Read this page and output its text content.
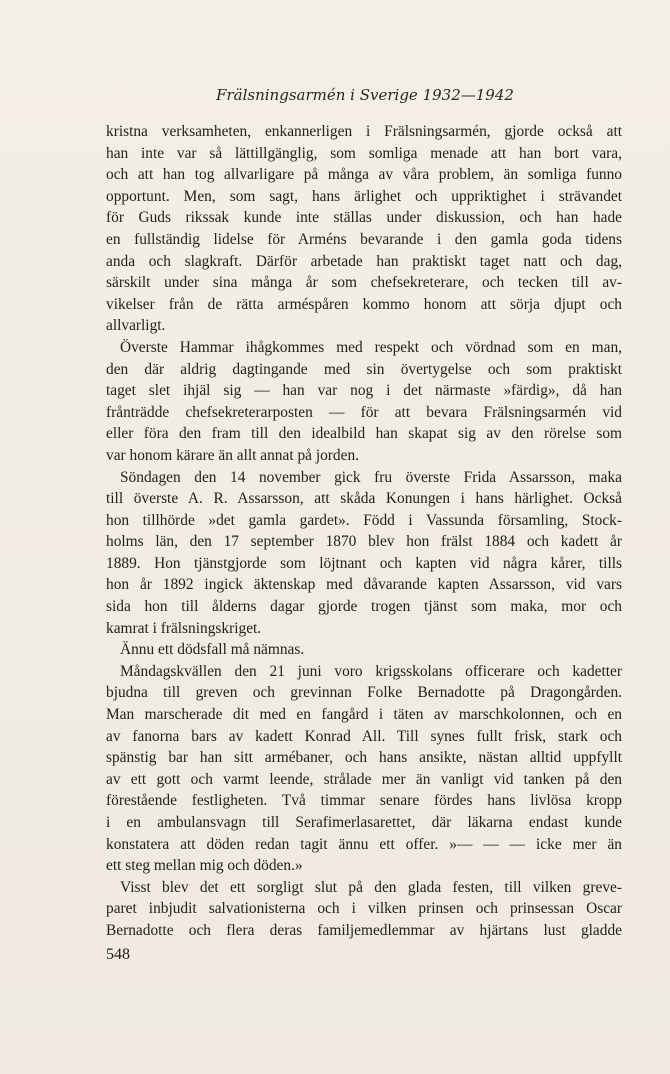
Frälsningsarmén i Sverige 1932—1942
kristna verksamheten, enkannerligen i Frälsningsarmén, gjorde också att
han inte var så lättillgänglig, som somliga menade att han bort vara,
och att han tog allvarligare på många av våra problem, än somliga funno
opportunt. Men, som sagt, hans ärlighet och uppriktighet i strävandet
för Guds rikssak kunde inte ställas under diskussion, och han hade
en fullständig lidelse för Arméns bevarande i den gamla goda tidens
anda och slagkraft. Därför arbetade han praktiskt taget natt och dag,
särskilt under sina många år som chefsekreterare, och tecken till av-
vikelser från de rätta arméspåren kommo honom att sörja djupt och
allvarligt.
Överste Hammar ihågkommes med respekt och vördnad som en man,
den där aldrig dagtingande med sin övertygelse och som praktiskt
taget slet ihjäl sig — han var nog i det närmaste »färdig», då han
frånträdde chefsekreterarposten — för att bevara Frälsningsarmén vid
eller föra den fram till den idealbild han skapat sig av den rörelse som
var honom kärare än allt annat på jorden.
Söndagen den 14 november gick fru överste Frida Assarsson, maka
till överste A. R. Assarsson, att skåda Konungen i hans härlighet. Också
hon tillhörde »det gamla gardet». Född i Vassunda församling, Stock-
holms län, den 17 september 1870 blev hon frälst 1884 och kadett år
1889. Hon tjänstgjorde som löjtnant och kapten vid några kårer, tills
hon år 1892 ingick äktenskap med dåvarande kapten Assarsson, vid vars
sida hon till ålderns dagar gjorde trogen tjänst som maka, mor och
kamrat i frälsningskriget.
Ännu ett dödsfall må nämnas.
Måndagskvällen den 21 juni voro krigsskolans officerare och kadetter
bjudna till greven och grevinnan Folke Bernadotte på Dragongården.
Man marscherade dit med en fangård i täten av marschkolonnen, och en
av fanorna bars av kadett Konrad All. Till synes fullt frisk, stark och
spänstig bar han sitt armébaner, och hans ansikte, nästan alltid uppfyllt
av ett gott och varmt leende, strålade mer än vanligt vid tanken på den
förestående festligheten. Två timmar senare fördes hans livlösa kropp
i en ambulansvagn till Serafimerlasarettet, där läkarna endast kunde
konstatera att döden redan tagit ännu ett offer. »— — — icke mer än
ett steg mellan mig och döden.»
Visst blev det ett sorgligt slut på den glada festen, till vilken greve-
paret inbjudit salvationisterna och i vilken prinsen och prinsessan Oscar
Bernadotte och flera deras familjemedlemmar av hjärtans lust gladde
548
